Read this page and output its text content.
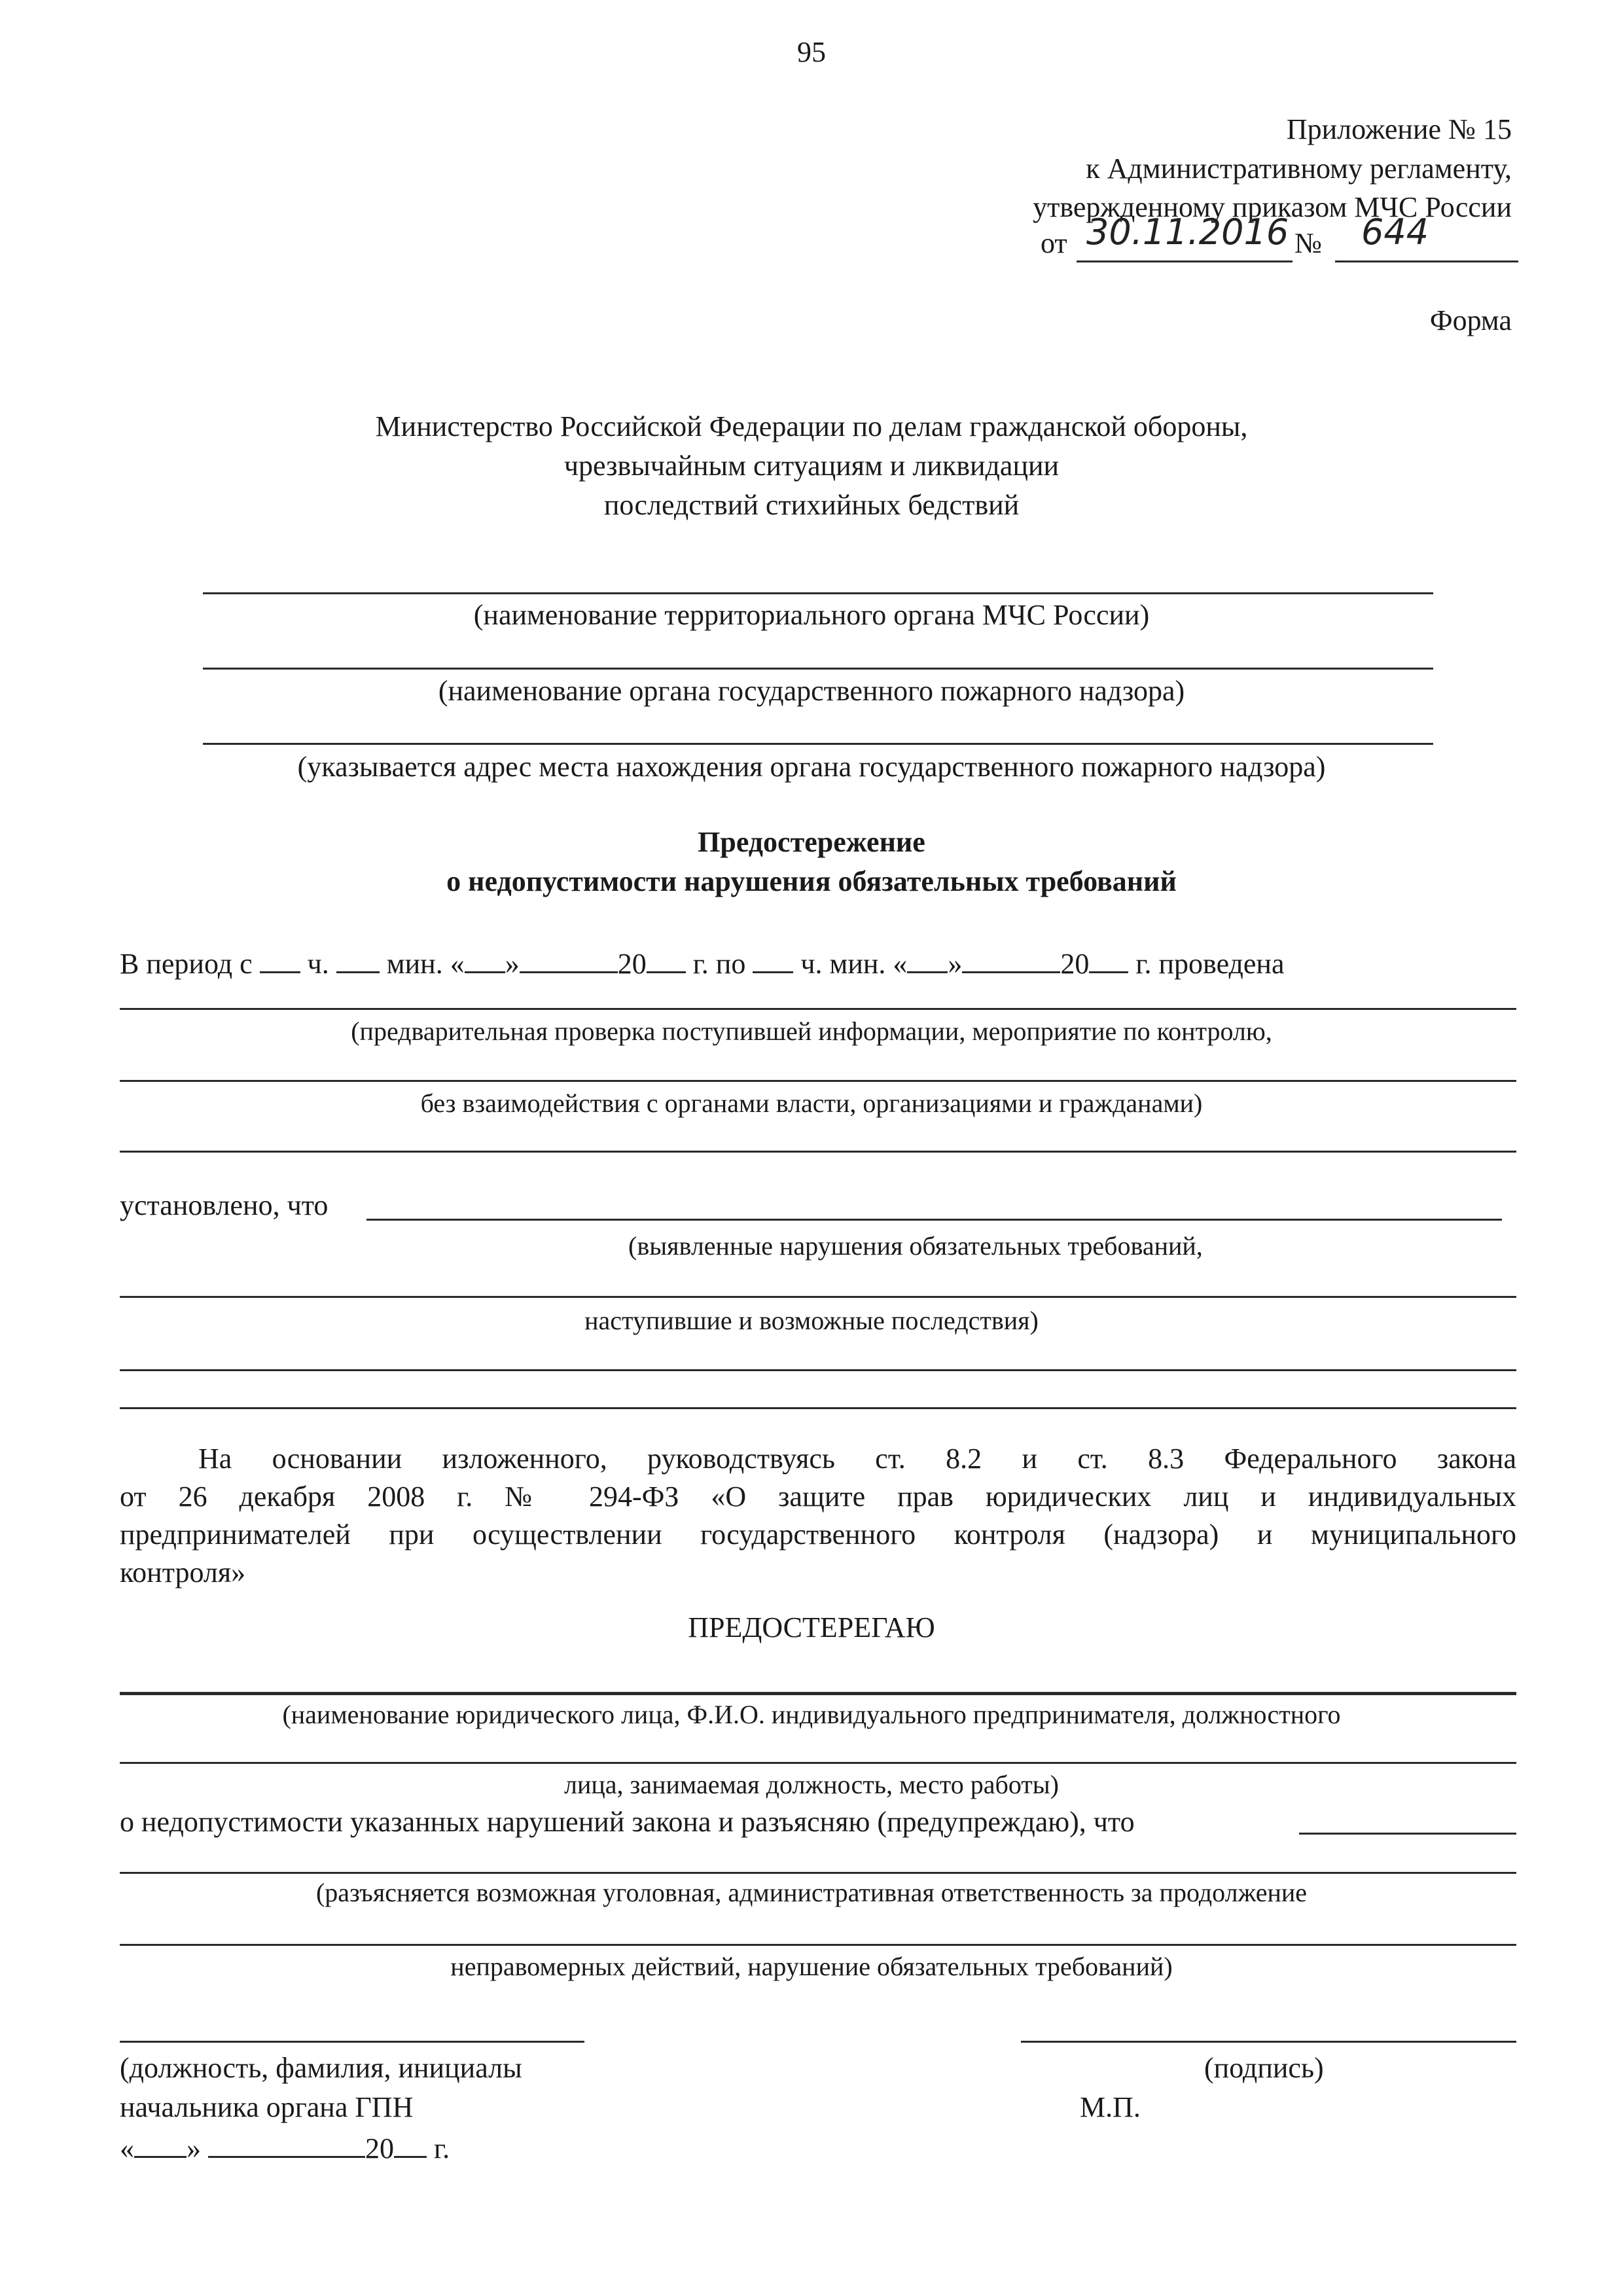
95
Приложение № 15
к Административному регламенту,
утвержденному приказом МЧС России
от 30.11.2016 № 644
Форма
Министерство Российской Федерации по делам гражданской обороны,
чрезвычайным ситуациям и ликвидации
последствий стихийных бедствий
(наименование территориального органа МЧС России)
(наименование органа государственного пожарного надзора)
(указывается адрес места нахождения органа государственного пожарного надзора)
Предостережение
о недопустимости нарушения обязательных требований
В период с ч. мин. « »	20 г. по ч. мин. « »	20 г. проведена
(предварительная проверка поступившей информации, мероприятие по контролю,
без взаимодействия с органами власти, организациями и гражданами)
установлено, что
(выявленные нарушения обязательных требований,
наступившие и возможные последствия)
На основании изложенного, руководствуясь ст. 8.2 и ст. 8.3 Федерального закона
от 26 декабря 2008 г. № 294-ФЗ «О защите прав юридических лиц и индивидуальных
предпринимателей при осуществлении государственного контроля (надзора) и муниципального
контроля»
ПРЕДОСТЕРЕГАЮ
(наименование юридического лица, Ф.И.О. индивидуального предпринимателя, должностного
лица, занимаемая должность, место работы)
о недопустимости указанных нарушений закона и разъясняю (предупреждаю), что
(разъясняется возможная уголовная, административная ответственность за продолжение
неправомерных действий, нарушение обязательных требований)
(должность, фамилия, инициалы
начальника органа ГПН
« »	20 г.
(подпись)
М.П.
